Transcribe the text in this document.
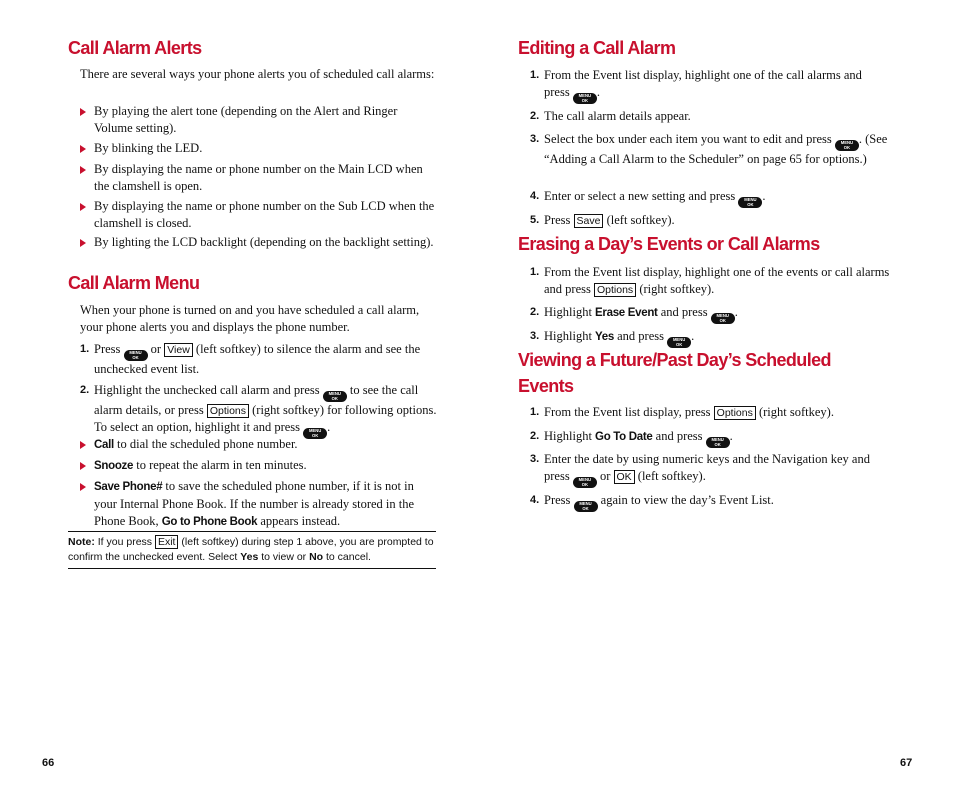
Call Alarm Alerts

There are several ways your phone alerts you of scheduled call alarms:

By playing the alert tone (depending on the Alert and Ringer Volume setting).
By blinking the LED.
By displaying the name or phone number on the Main LCD when the clamshell is open.
By displaying the name or phone number on the Sub LCD when the clamshell is closed.
By lighting the LCD backlight (depending on the backlight setting).
Call Alarm Menu

When your phone is turned on and you have scheduled a call alarm, your phone alerts you and displays the phone number.

1. Press MENU
OK
or View (left softkey) to silence the alarm and see the unchecked event list.
2. Highlight the unchecked call alarm and press MENU
OK
to see the call alarm details, or press Options (right softkey) for following options. To select an option, highlight it and press MENU
OK
.
Call to dial the scheduled phone number.
Snooze to repeat the alarm in ten minutes.
Save Phone# to save the scheduled phone number, if it is not in your Internal Phone Book. If the number is already stored in the Phone Book, Go to Phone Book appears instead.
Note: If you press Exit (left softkey) during step 1 above, you are prompted to confirm the unchecked event. Select Yes to view or No to cancel.
66
Editing a Call Alarm
1. From the Event list display, highlight one of the call alarms and press MENU
OK
.
2. The call alarm details appear.
3. Select the box under each item you want to edit and press MENU
OK
. (See “Adding a Call Alarm to the Scheduler” on page 65 for options.)
4. Enter or select a new setting and press MENU
OK
.
5. Press Save (left softkey).
Erasing a Day’s Events or Call Alarms
1. From the Event list display, highlight one of the events or call alarms and press Options (right softkey).
2. Highlight Erase Event and press MENU
OK
.
3. Highlight Yes and press MENU
OK
.
Viewing a Future/Past Day’s Scheduled Events
1. From the Event list display, press Options (right softkey).
2. Highlight Go To Date and press MENU
OK
.
3. Enter the date by using numeric keys and the Navigation key and press MENU
OK
or OK (left softkey).
4. Press MENU
OK
again to view the day’s Event List.
67
